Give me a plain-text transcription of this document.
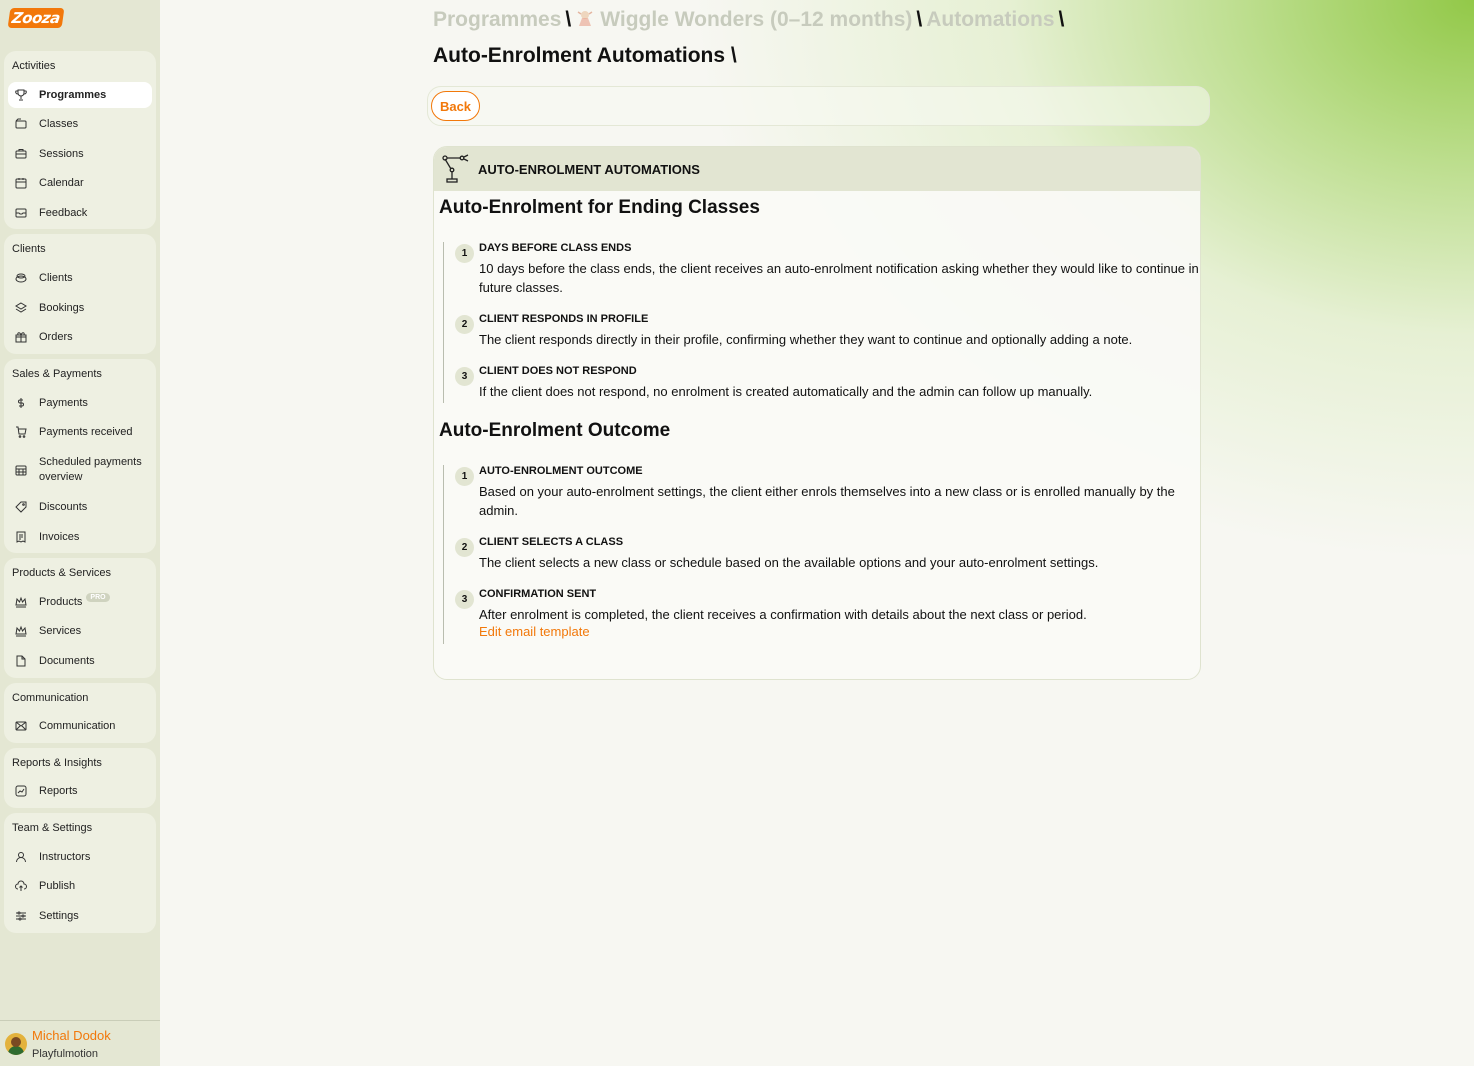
Zooza
Activities
Programmes
Classes
Sessions
Calendar
Feedback
Clients
Clients
Bookings
Orders
Sales & Payments
Payments
Payments received
Scheduled payments overview
Discounts
Invoices
Products & Services
Products	PRO
Services
Documents
Communication
Communication
Reports & Insights
Reports
Team & Settings
Instructors
Publish
Settings
Michal Dodok
Playfulmotion
Programmes \ Wiggle Wonders (0–12 months) \ Automations \
Auto-Enrolment Automations \
Back
AUTO-ENROLMENT AUTOMATIONS
Auto-Enrolment for Ending Classes
1	DAYS BEFORE CLASS ENDS
10 days before the class ends, the client receives an auto-enrolment notification asking whether they would like to continue in future classes.
2	CLIENT RESPONDS IN PROFILE
The client responds directly in their profile, confirming whether they want to continue and optionally adding a note.
3	CLIENT DOES NOT RESPOND
If the client does not respond, no enrolment is created automatically and the admin can follow up manually.
Auto-Enrolment Outcome
1	AUTO-ENROLMENT OUTCOME
Based on your auto-enrolment settings, the client either enrols themselves into a new class or is enrolled manually by the admin.
2	CLIENT SELECTS A CLASS
The client selects a new class or schedule based on the available options and your auto-enrolment settings.
3	CONFIRMATION SENT
After enrolment is completed, the client receives a confirmation with details about the next class or period.
Edit email template
